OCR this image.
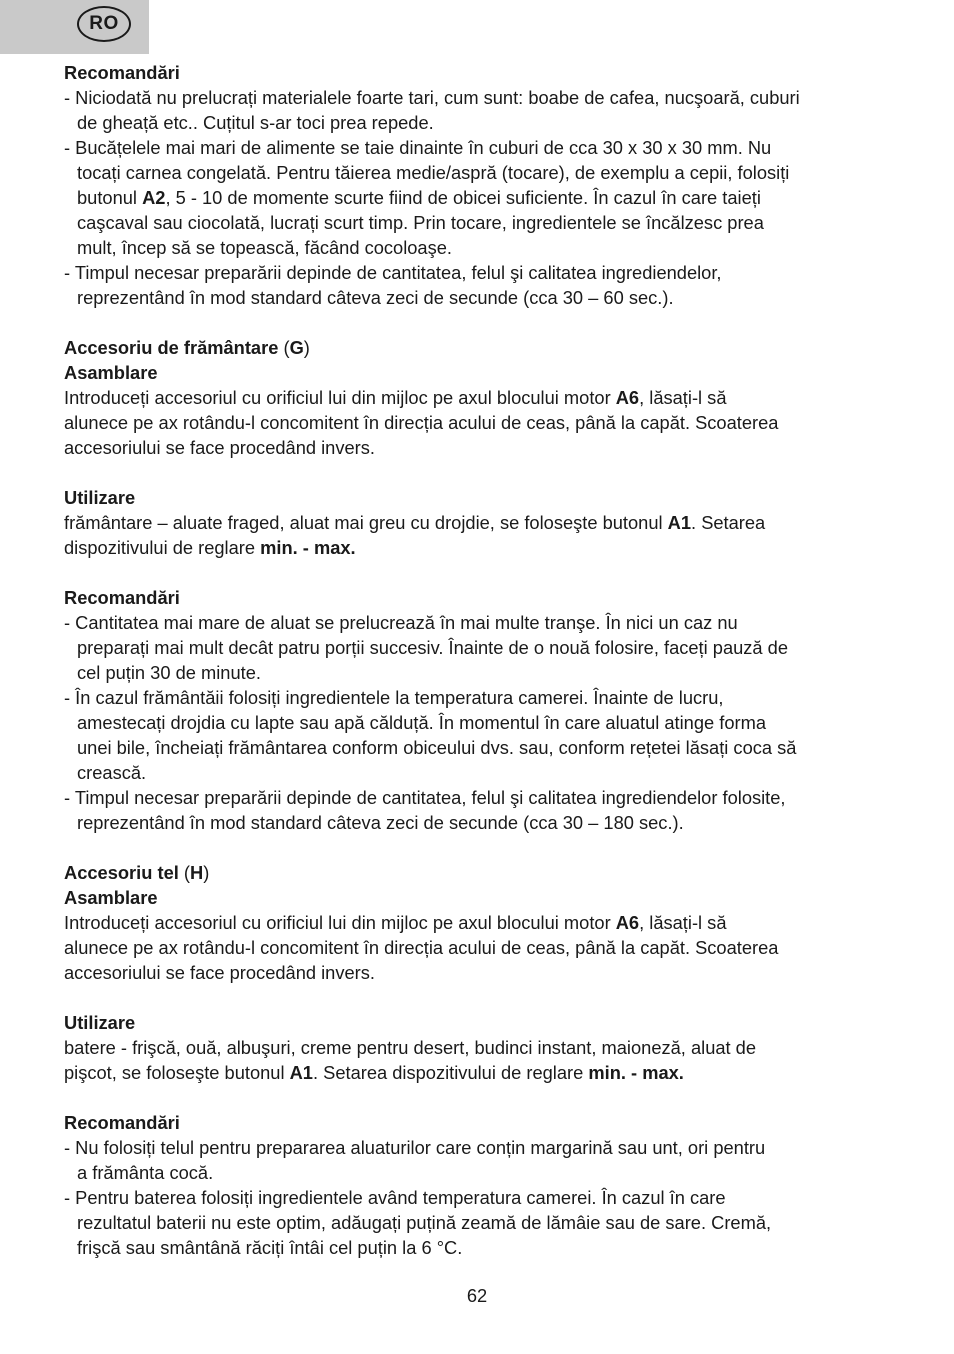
RO
Recomandări
- Niciodată nu prelucrați materialele foarte tari, cum sunt: boabe de cafea, nucşoară, cuburi
de gheață etc.. Cuțitul s-ar toci prea repede.
- Bucățelele mai mari de alimente se taie dinainte în cuburi de cca 30 x 30 x 30 mm. Nu
tocați carnea congelată. Pentru tăierea medie/aspră (tocare), de exemplu a cepii, folosiți
butonul A2, 5 - 10 de momente scurte fiind de obicei suficiente. În cazul în care taieți
caşcaval sau ciocolată, lucrați scurt timp. Prin tocare, ingredientele se încălzesc prea
mult, încep să se topească, făcând cocoloaşe.
- Timpul necesar preparării depinde de cantitatea, felul şi calitatea ingrediendelor,
reprezentând în mod standard câteva zeci de secunde (cca 30 – 60 sec.).
Accesoriu de frământare (G)
Asamblare
Introduceți accesoriul cu orificiul lui din mijloc pe axul blocului motor A6, lăsați-l să
alunece pe ax rotându-l concomitent în direcția acului de ceas, până la capăt. Scoaterea
accesoriului se face procedând invers.
Utilizare
frământare – aluate fraged, aluat mai greu cu drojdie, se foloseşte butonul A1. Setarea
dispozitivului de reglare min. - max.
Recomandări
- Cantitatea mai mare de aluat se prelucrează în mai multe tranşe. În nici un caz nu
preparați mai mult decât patru porții succesiv. Înainte de o nouă folosire, faceți pauză de
cel puțin 30 de minute.
- În cazul frământăii folosiți ingredientele la temperatura camerei. Înainte de lucru,
amestecați drojdia cu lapte sau apă călduță. În momentul în care aluatul atinge forma
unei bile, încheiați frământarea conform obiceului dvs. sau, conform rețetei lăsați coca să
crească.
- Timpul necesar preparării depinde de cantitatea, felul şi calitatea ingrediendelor folosite,
reprezentând în mod standard câteva zeci de secunde (cca 30 – 180 sec.).
Accesoriu tel (H)
Asamblare
Introduceți accesoriul cu orificiul lui din mijloc pe axul blocului motor A6, lăsați-l să
alunece pe ax rotându-l concomitent în direcția acului de ceas, până la capăt. Scoaterea
accesoriului se face procedând invers.
Utilizare
batere - frişcă, ouă, albuşuri, creme pentru desert, budinci instant, maioneză, aluat de
pişcot, se foloseşte butonul A1. Setarea dispozitivului de reglare min. - max.
Recomandări
- Nu folosiți telul pentru prepararea aluaturilor care conțin margarină sau unt, ori pentru
a frământa cocă.
- Pentru baterea folosiți ingredientele având temperatura camerei. În cazul în care
rezultatul baterii nu este optim, adăugați puțină zeamă de lămâie sau de sare. Cremă,
frişcă sau smântână răciți întâi cel puțin la 6 °C.
62
